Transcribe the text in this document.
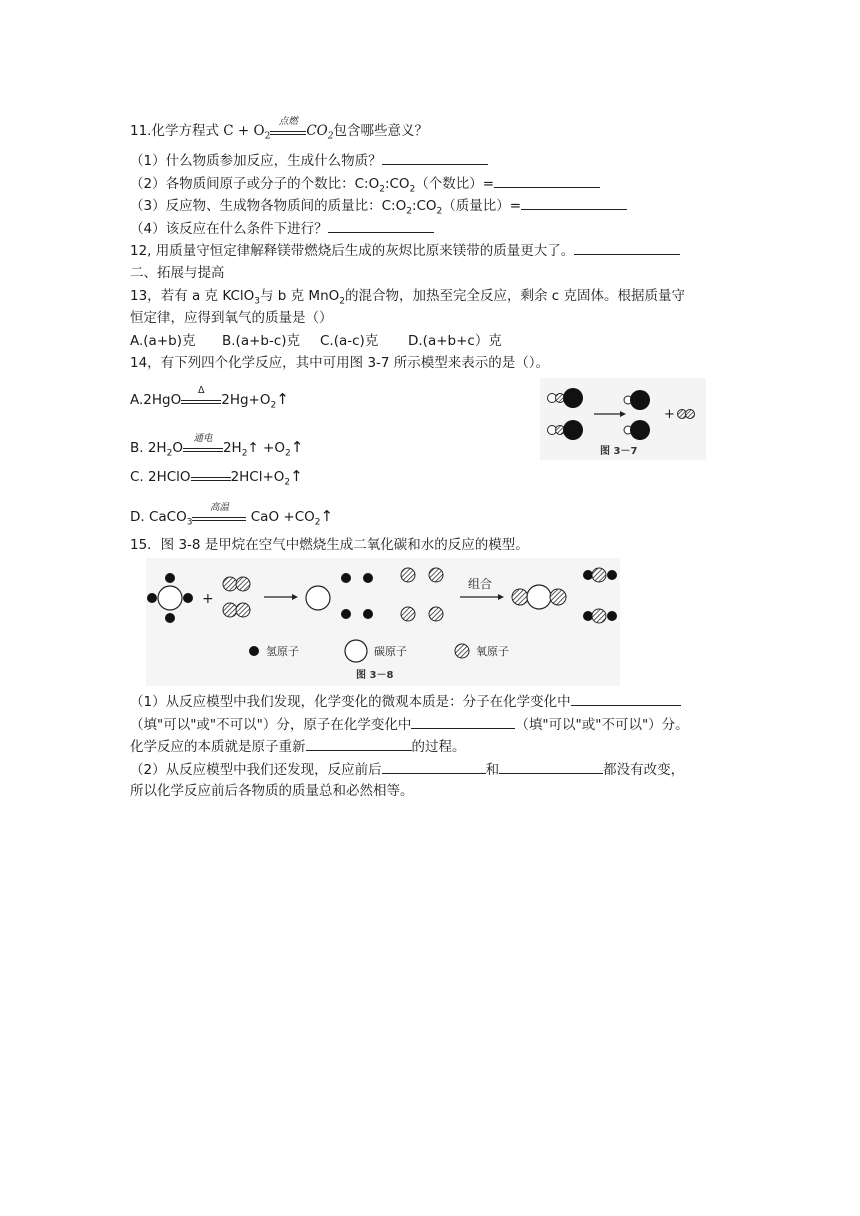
11.化学方程式 $C + O_2$
点燃
$CO_2$包含哪些意义？
（1）什么物质参加反应，生成什么物质？
（2）各物质间原子或分子的个数比：$C:O_2:CO_2$（个数比）=
（3）反应物、生成物各物质间的质量比：$C:O_2:CO_2$（质量比）=
（4）该反应在什么条件下进行？
12, 用质量守恒定律解释镁带燃烧后生成的灰烬比原来镁带的质量更大了。
二、拓展与提高
13，若有 a 克 KClO$_3$与 b 克 MnO$_2$的混合物，加热至完全反应，剩余 c 克固体。根据质量守
恒定律，应得到氧气的质量是（）
A.(a+b)克 B.(a+b-c)克 C.(a-c)克 D.(a+b+c）克
14，有下列四个化学反应，其中可用图 3-7 所示模型来表示的是（）。
A.2HgO
Δ
$2Hg+O_2↑$
B. $2H_2O$
通电
$2H_2↑$ $+O_2↑$
C. 2HClO	$2HCl+O_2↑$
D. CaCO$_3$
高温
CaO $+CO_2↑$
+
图 3－7
15．图 3-8 是甲烷在空气中燃烧生成二氧化碳和水的反应的模型。
+
组合
氢原子	碳原子	氧原子
图 3－8
（1）从反应模型中我们发现，化学变化的微观本质是：分子在化学变化中
（填"可以"或"不可以"）分，原子在化学变化中	（填"可以"或"不可以"）分。
化学反应的本质就是原子重新	的过程。
（2）从反应模型中我们还发现，反应前后	和	都没有改变，
所以化学反应前后各物质的质量总和必然相等。
